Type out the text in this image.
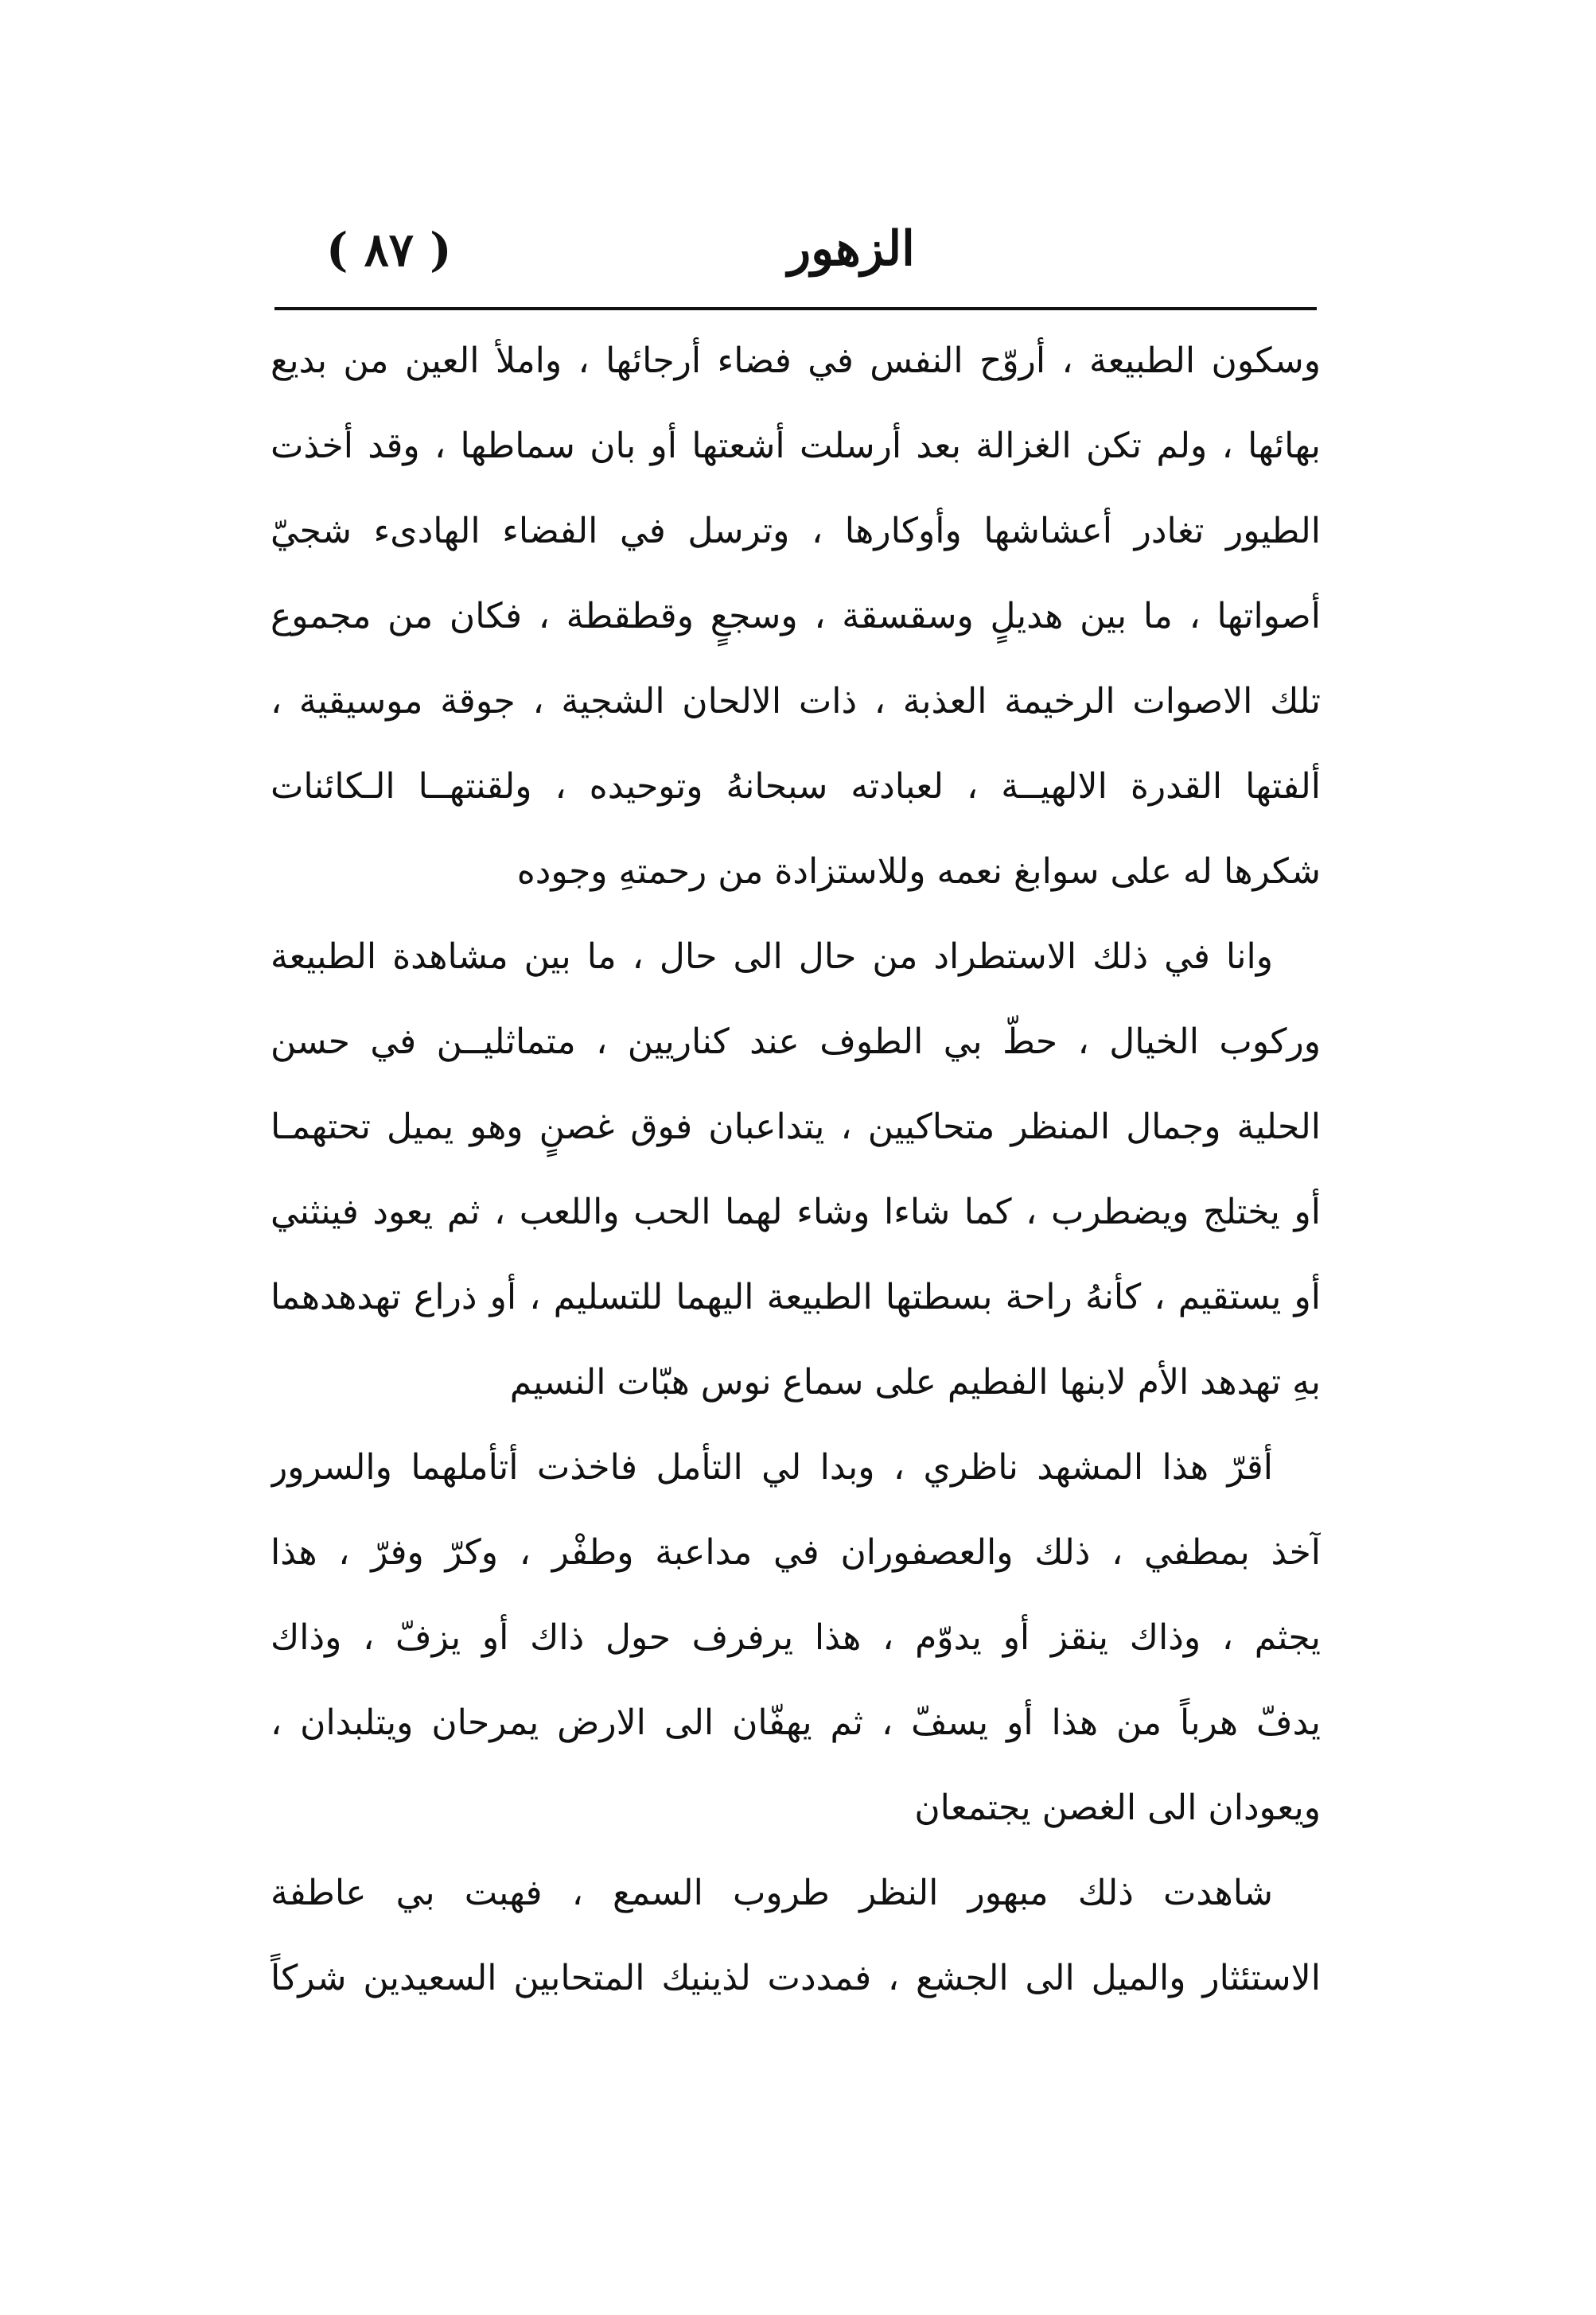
( ٨٧ )	الزهور
وسكون الطبيعة ، أروّح النفس في فضاء أرجائها ، واملأ العين من بديع
بهائها ، ولم تكن الغزالة بعد أرسلت أشعتها أو بان سماطها ، وقد أخذت
الطيور تغادر أعشاشها وأوكارها ، وترسل في الفضاء الهادىء شجيّ
أصواتها ، ما بين هديلٍ وسقسقة ، وسجعٍ وقطقطة ، فكان من مجموع
تلك الاصوات الرخيمة العذبة ، ذات الالحان الشجية ، جوقة موسيقية ،
ألفتها القدرة الالهيــة ، لعبادته سبحانهُ وتوحيده ، ولقنتهــا الـكائنات
شكرها له على سوابغ نعمه وللاستزادة من رحمتهِ وجوده
وانا في ذلك الاستطراد من حال الى حال ، ما بين مشاهدة الطبيعة
وركوب الخيال ، حطّ بي الطوف عند كناريين ، متماثليــن في حسن
الحلية وجمال المنظر متحاكيين ، يتداعبان فوق غصنٍ وهو يميل تحتهمـا
أو يختلج ويضطرب ، كما شاءا وشاء لهما الحب واللعب ، ثم يعود فينثني
أو يستقيم ، كأنهُ راحة بسطتها الطبيعة اليهما للتسليم ، أو ذراع تهدهدهما
بهِ تهدهد الأم لابنها الفطيم على سماع نوس هبّات النسيم
أقرّ هذا المشهد ناظري ، وبدا لي التأمل فاخذت أتأملهما والسرور
آخذ بمطفي ، ذلك والعصفوران في مداعبة وطفْر ، وكرّ وفرّ ، هذا
يجثم ، وذاك ينقز أو يدوّم ، هذا يرفرف حول ذاك أو يزفّ ، وذاك
يدفّ هرباً من هذا أو يسفّ ، ثم يهفّان الى الارض يمرحان ويتلبدان ،
ويعودان الى الغصن يجتمعان
شاهدت ذلك مبهور النظر طروب السمع ، فهبت بي عاطفة
الاستئثار والميل الى الجشع ، فمددت لذينيك المتحابين السعيدين شركاً
